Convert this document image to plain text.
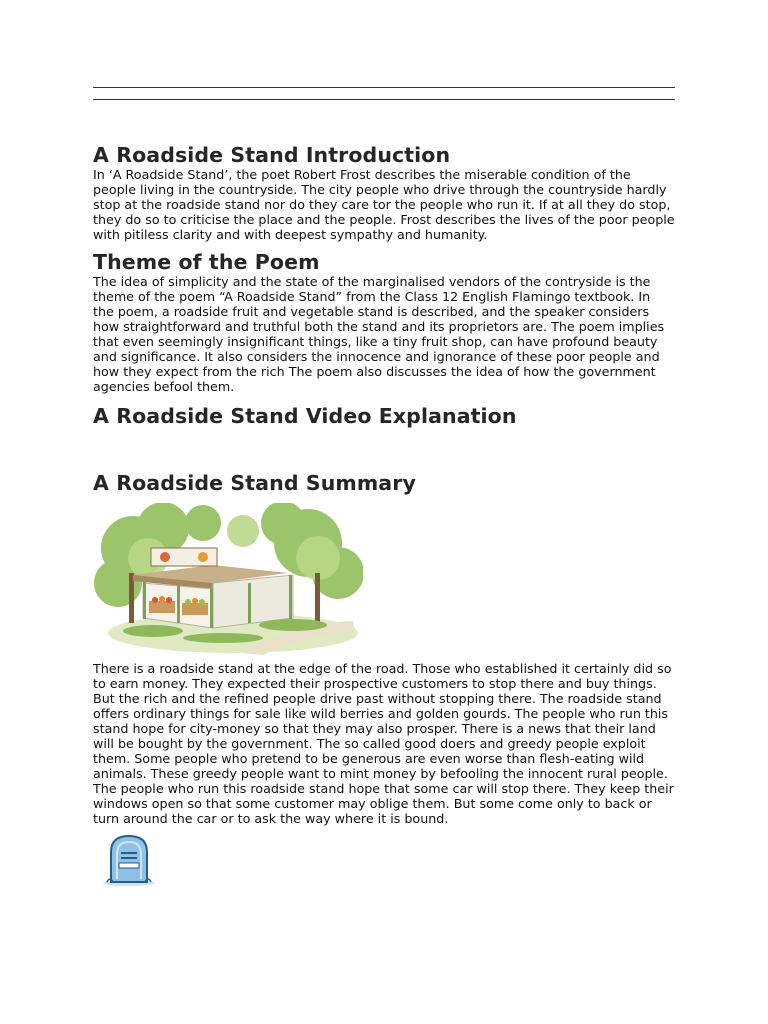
A Roadside Stand Introduction

In ‘A Roadside Stand’, the poet Robert Frost describes the miserable condition of the people living in the countryside. The city people who drive through the countryside hardly stop at the roadside stand nor do they care tor the people who run it. If at all they do stop, they do so to criticise the place and the people. Frost describes the lives of the poor people with pitiless clarity and with deepest sympathy and humanity.

Theme of the Poem

The idea of simplicity and the state of the marginalised vendors of the contryside is the theme of the poem “A Roadside Stand” from the Class 12 English Flamingo textbook. In the poem, a roadside fruit and vegetable stand is described, and the speaker considers how straightforward and truthful both the stand and its proprietors are. The poem implies that even seemingly insignificant things, like a tiny fruit shop, can have profound beauty and significance. It also considers the innocence and ignorance of these poor people and how they expect from the rich The poem also discusses the idea of how the government agencies befool them.

A Roadside Stand Video Explanation
A Roadside Stand Summary

There is a roadside stand at the edge of the road. Those who established it certainly did so to earn money. They expected their prospective customers to stop there and buy things. But the rich and the refined people drive past without stopping there. The roadside stand offers ordinary things for sale like wild berries and golden gourds. The people who run this stand hope for city-money so that they may also prosper. There is a news that their land will be bought by the government. The so called good doers and greedy people exploit them. Some people who pretend to be generous are even worse than flesh-eating wild animals. These greedy people want to mint money by befooling the innocent rural people.

The people who run this roadside stand hope that some car will stop there. They keep their windows open so that some customer may oblige them. But some come only to back or turn around the car or to ask the way where it is bound.
